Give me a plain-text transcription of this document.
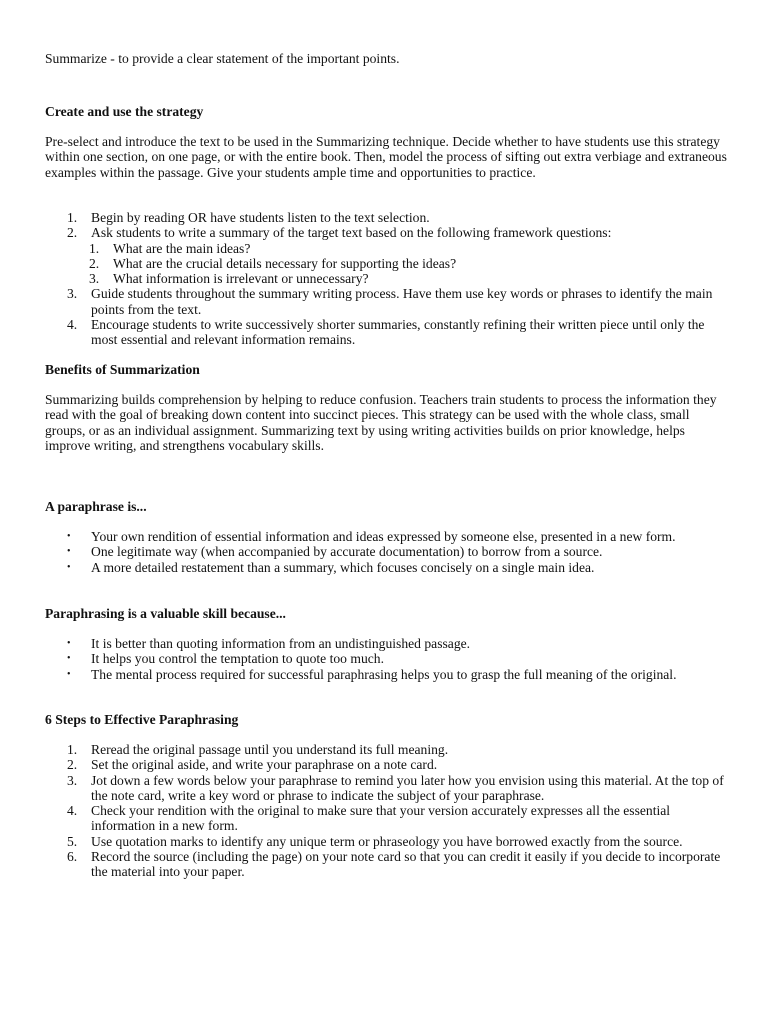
Summarize - to provide a clear statement of the important points.

Create and use the strategy

Pre-select and introduce the text to be used in the Summarizing technique. Decide whether to have students use this strategy within one section, on one page, or with the entire book. Then, model the process of sifting out extra verbiage and extraneous examples within the passage. Give your students ample time and opportunities to practice.

1. Begin by reading OR have students listen to the text selection.
2. Ask students to write a summary of the target text based on the following framework questions:
1. What are the main ideas?
2. What are the crucial details necessary for supporting the ideas?
3. What information is irrelevant or unnecessary?
3. Guide students throughout the summary writing process. Have them use key words or phrases to identify the main points from the text.
4. Encourage students to write successively shorter summaries, constantly refining their written piece until only the most essential and relevant information remains.
Benefits of Summarization

Summarizing builds comprehension by helping to reduce confusion. Teachers train students to process the information they read with the goal of breaking down content into succinct pieces. This strategy can be used with the whole class, small groups, or as an individual assignment. Summarizing text by using writing activities builds on prior knowledge, helps improve writing, and strengthens vocabulary skills.

A paraphrase is...
• Your own rendition of essential information and ideas expressed by someone else, presented in a new form.
• One legitimate way (when accompanied by accurate documentation) to borrow from a source.
• A more detailed restatement than a summary, which focuses concisely on a single main idea.
Paraphrasing is a valuable skill because...
• It is better than quoting information from an undistinguished passage.
• It helps you control the temptation to quote too much.
• The mental process required for successful paraphrasing helps you to grasp the full meaning of the original.
6 Steps to Effective Paraphrasing
1. Reread the original passage until you understand its full meaning.
2. Set the original aside, and write your paraphrase on a note card.
3. Jot down a few words below your paraphrase to remind you later how you envision using this material. At the top of the note card, write a key word or phrase to indicate the subject of your paraphrase.
4. Check your rendition with the original to make sure that your version accurately expresses all the essential information in a new form.
5. Use quotation marks to identify any unique term or phraseology you have borrowed exactly from the source.
6. Record the source (including the page) on your note card so that you can credit it easily if you decide to incorporate the material into your paper.
